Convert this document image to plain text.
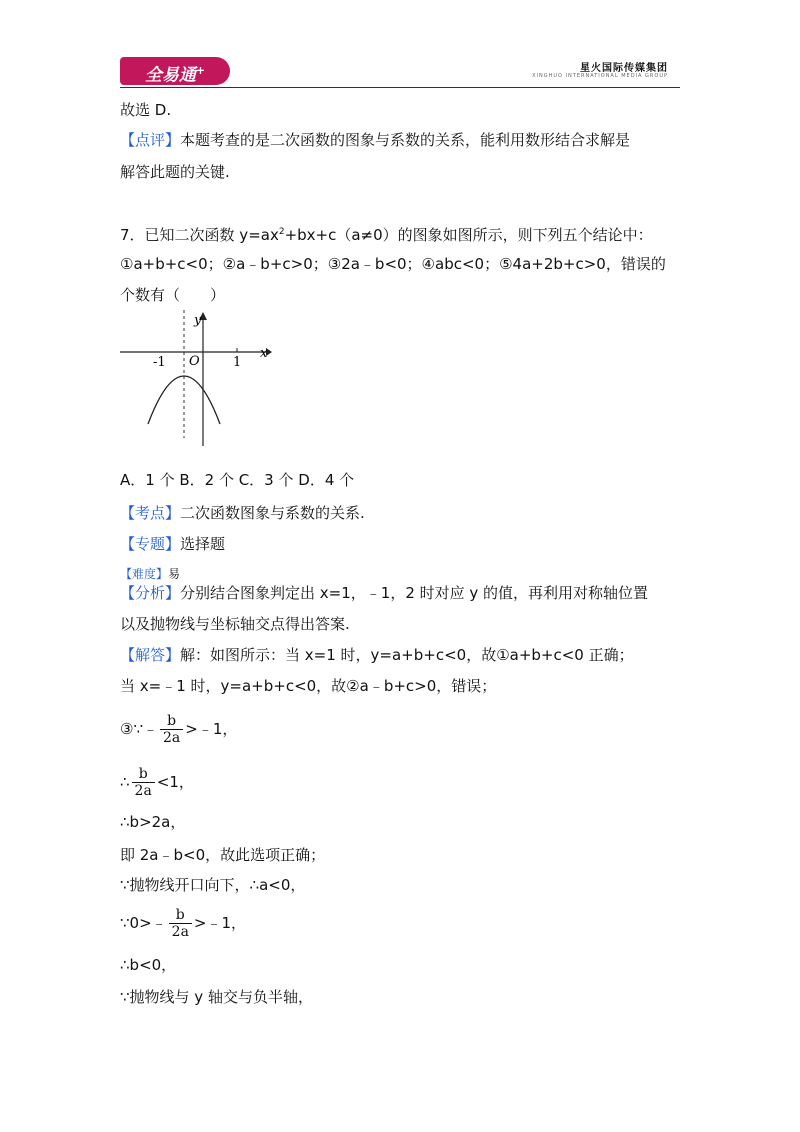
全易通+	星火国际传媒集团
XINGHUO INTERNATIONAL MEDIA GROUP
故选 D.
【点评】本题考查的是二次函数的图象与系数的关系，能利用数形结合求解是
解答此题的关键.
7．已知二次函数 $y=ax^2+bx+c(a\ne 0)$的图象如图所示，则下列五个结论中：
①a+b+c<0；②a﹣b+c>0；③2a﹣b<0；④abc<0；⑤4a+2b+c>0，错误的
个数有（　　）
y
x
O
-1	1
A．1 个 B．2 个 C．3 个 D．4 个
【考点】二次函数图象与系数的关系.
【专题】选择题
【难度】易
【分析】分别结合图象判定出 x=1，﹣1，2 时对应 y 的值，再利用对称轴位置
以及抛物线与坐标轴交点得出答案.
【解答】解：如图所示：当 x=1 时，y=a+b+c<0，故①a+b+c<0 正确；
当 x=﹣1 时，y=a+b+c<0，故②a﹣b+c>0，错误；
③∵﹣ $\frac{b}{2a}$ >﹣1，
∴ $\frac{b}{2a} <1$，
∴b>2a，
即 2a﹣b<0，故此选项正确；
∵抛物线开口向下，∴a<0，
∵0>﹣ $\frac{b}{2a}$ >﹣1，
∴b<0，
∵抛物线与 y 轴交与负半轴，
